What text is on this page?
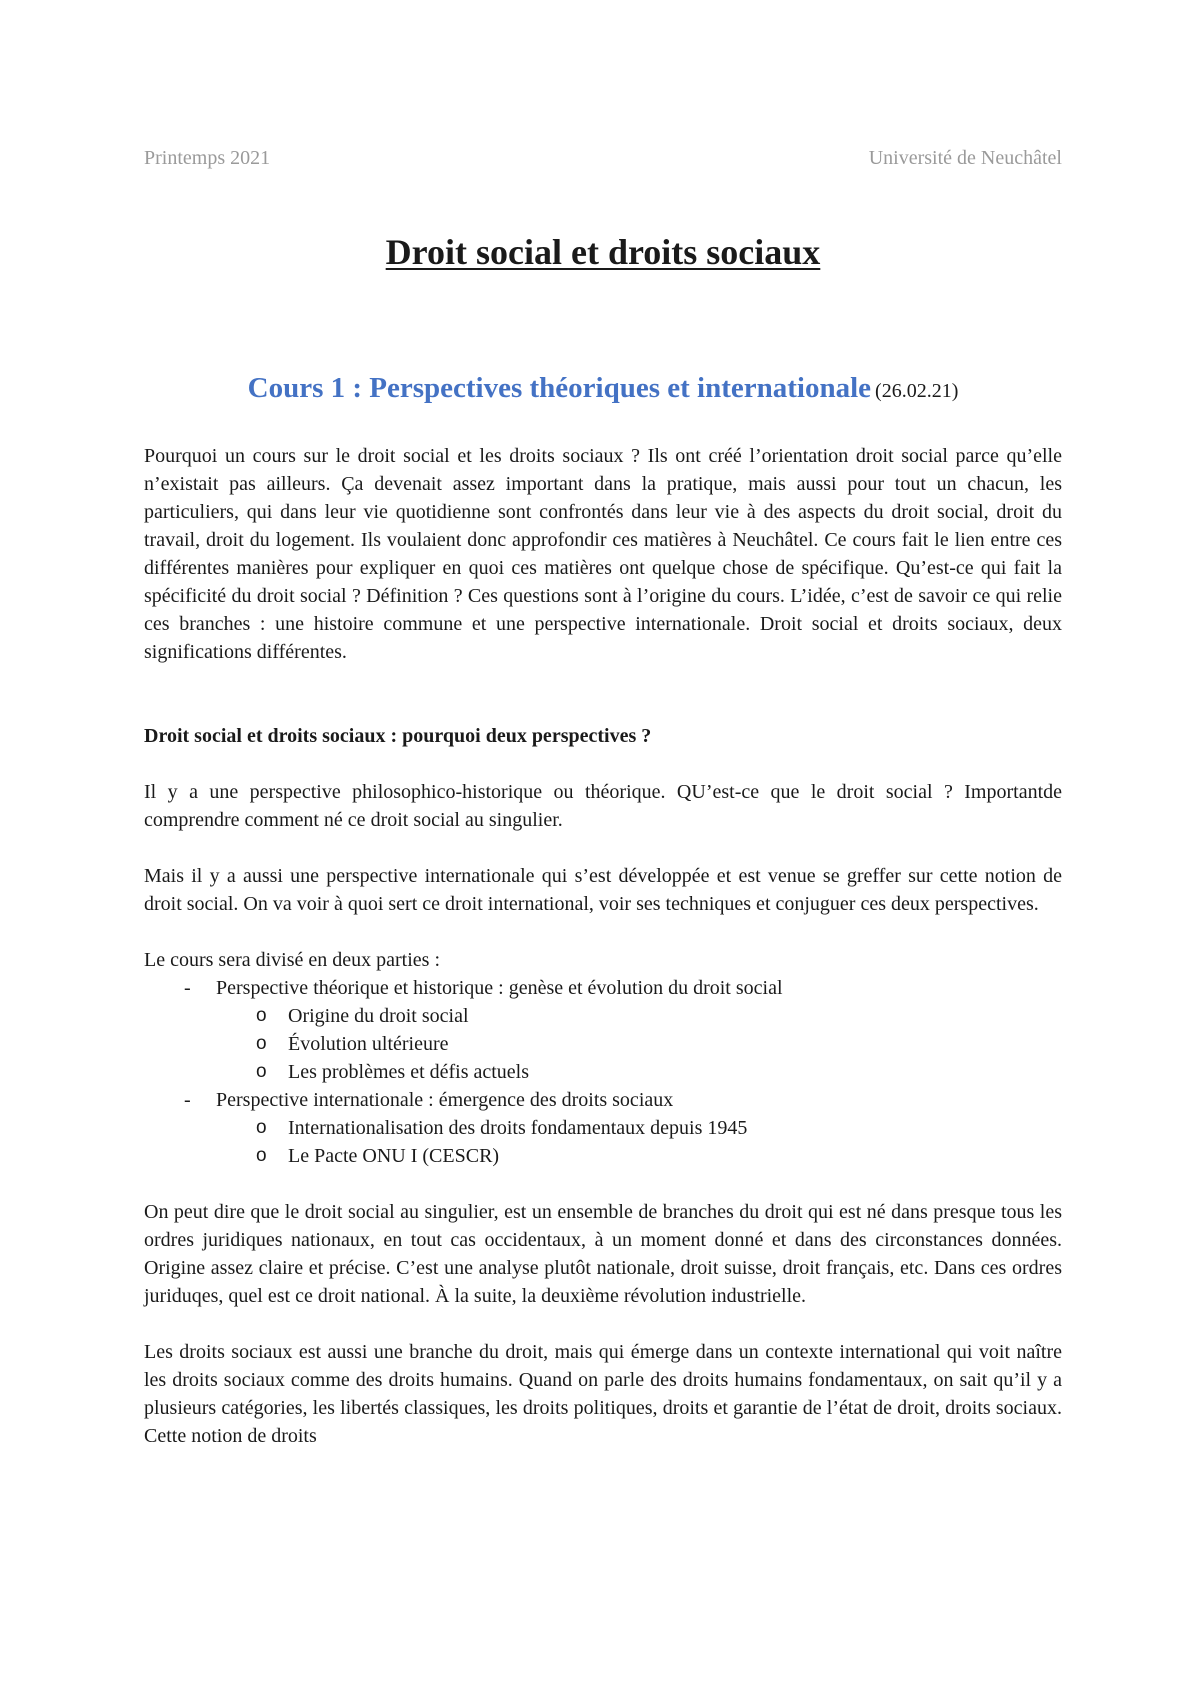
Printemps 2021	Université de Neuchâtel
Droit social et droits sociaux
Cours 1 : Perspectives théoriques et internationale (26.02.21)

Pourquoi un cours sur le droit social et les droits sociaux ? Ils ont créé l’orientation droit social parce qu’elle n’existait pas ailleurs. Ça devenait assez important dans la pratique, mais aussi pour tout un chacun, les particuliers, qui dans leur vie quotidienne sont confrontés dans leur vie à des aspects du droit social, droit du travail, droit du logement. Ils voulaient donc approfondir ces matières à Neuchâtel. Ce cours fait le lien entre ces différentes manières pour expliquer en quoi ces matières ont quelque chose de spécifique. Qu’est-ce qui fait la spécificité du droit social ? Définition ? Ces questions sont à l’origine du cours. L’idée, c’est de savoir ce qui relie ces branches : une histoire commune et une perspective internationale. Droit social et droits sociaux, deux significations différentes.

Droit social et droits sociaux : pourquoi deux perspectives ?

Il y a une perspective philosophico-historique ou théorique. QU’est-ce que le droit social ? Importantde comprendre comment né ce droit social au singulier.

Mais il y a aussi une perspective internationale qui s’est développée et est venue se greffer sur cette notion de droit social. On va voir à quoi sert ce droit international, voir ses techniques et conjuguer ces deux perspectives.

Le cours sera divisé en deux parties :

- Perspective théorique et historique : genèse et évolution du droit social
o Origine du droit social
o Évolution ultérieure
o Les problèmes et défis actuels
- Perspective internationale : émergence des droits sociaux
o Internationalisation des droits fondamentaux depuis 1945
o Le Pacte ONU I (CESCR)

On peut dire que le droit social au singulier, est un ensemble de branches du droit qui est né dans presque tous les ordres juridiques nationaux, en tout cas occidentaux, à un moment donné et dans des circonstances données. Origine assez claire et précise. C’est une analyse plutôt nationale, droit suisse, droit français, etc. Dans ces ordres juriduqes, quel est ce droit national. À la suite, la deuxième révolution industrielle.

Les droits sociaux est aussi une branche du droit, mais qui émerge dans un contexte international qui voit naître les droits sociaux comme des droits humains. Quand on parle des droits humains fondamentaux, on sait qu’il y a plusieurs catégories, les libertés classiques, les droits politiques, droits et garantie de l’état de droit, droits sociaux. Cette notion de droits
